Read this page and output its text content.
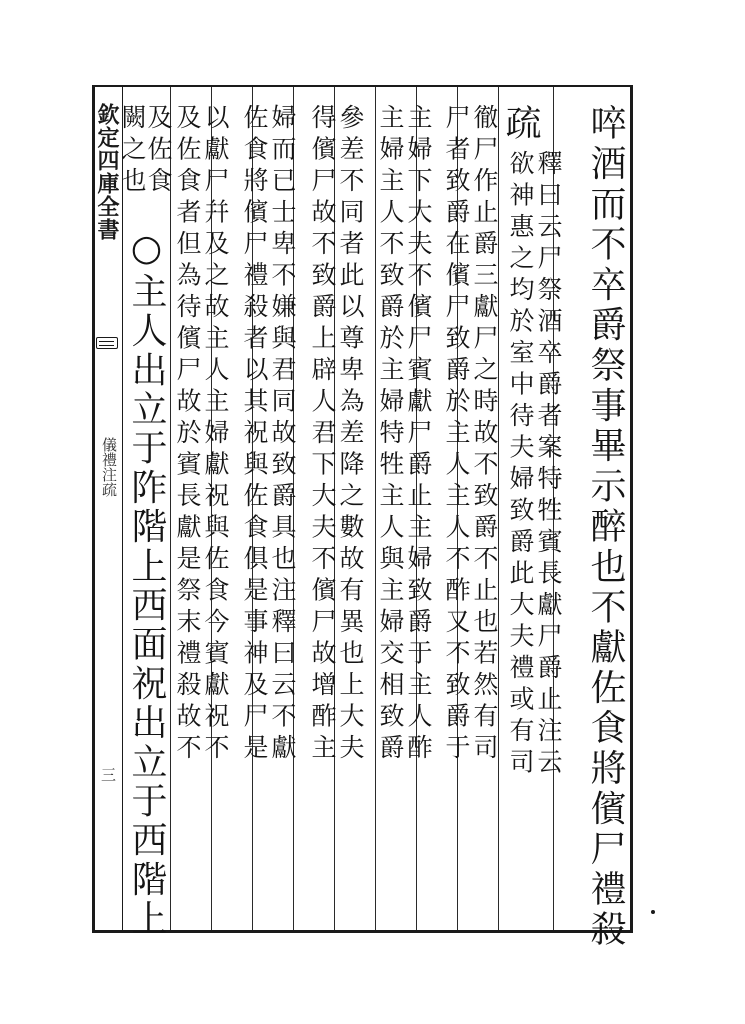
欽定四庫全書
儀禮注疏
三	啐酒而不卒爵祭事畢示醉也不獻佐食將儐尸禮殺
疏
釋曰云尸祭酒卒爵者案特牲賓長獻尸爵止注云
欲神惠之均於室中待夫婦致爵此大夫禮或有司
徹尸作止爵三獻尸之時故不致爵不止也若然有司
尸者致爵在儐尸致爵於主人主人不酢又不致爵于
主婦下大夫不儐尸賓獻尸爵止主婦致爵于主人酢
主婦主人不致爵於主婦特牲主人與主婦交相致爵
參差不同者此以尊卑為差降之數故有異也上大夫
得儐尸故不致爵上辟人君下大夫不儐尸故增酢主
婦而已士卑不嫌與君同故致爵具也注釋曰云不獻
佐食將儐尸禮殺者以其祝與佐食俱是事神及尸是
以獻尸幷及之故主人主婦獻祝與佐食今賓獻祝不
及佐食者但為待儐尸故於賓長獻是祭末禮殺故不
及佐食
闕之也
○主人出立于阼階上西面祝出立于西階上
